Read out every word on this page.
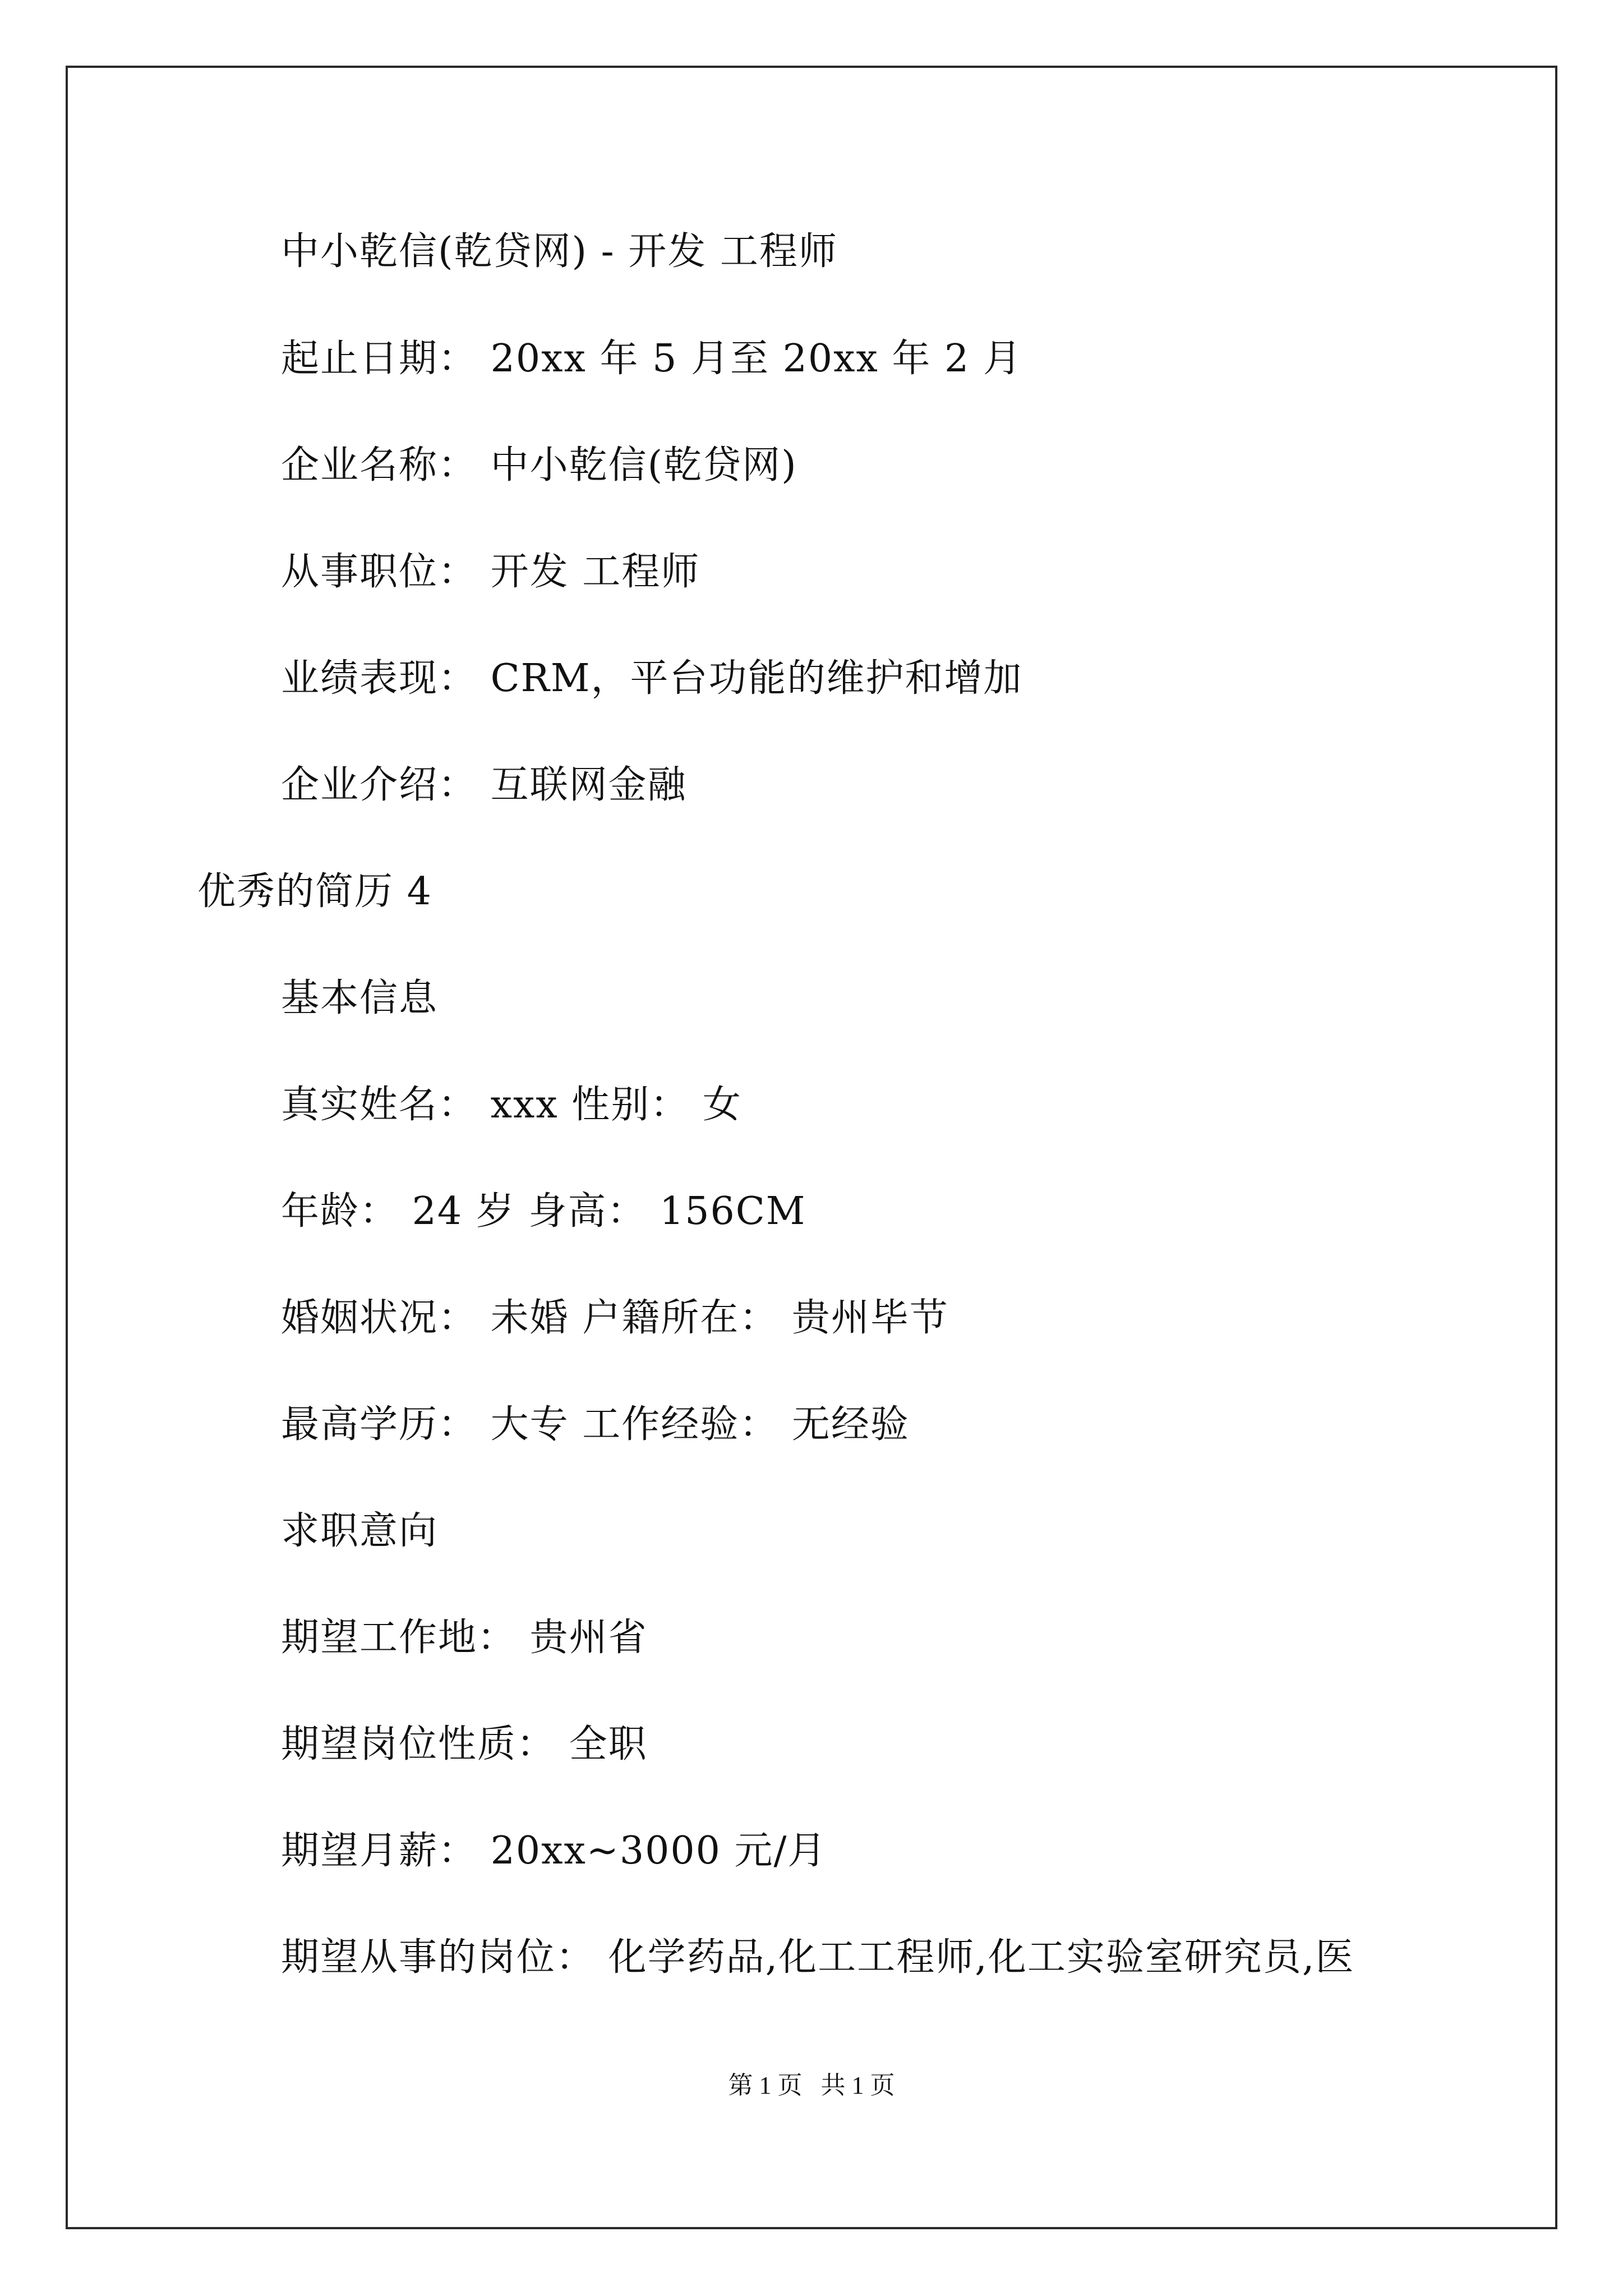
中小乾信(乾贷网) - 开发 工程师
起止日期： 20xx 年 5 月至 20xx 年 2 月
企业名称： 中小乾信(乾贷网)
从事职位： 开发 工程师
业绩表现： CRM，平台功能的维护和增加
企业介绍： 互联网金融
优秀的简历 4
基本信息
真实姓名： xxx 性别： 女
年龄： 24 岁 身高： 156CM
婚姻状况： 未婚 户籍所在： 贵州毕节
最高学历： 大专 工作经验： 无经验
求职意向
期望工作地： 贵州省
期望岗位性质： 全职
期望月薪： 20xx~3000 元/月
期望从事的岗位： 化学药品,化工工程师,化工实验室研究员,医
第 1 页   共 1 页
